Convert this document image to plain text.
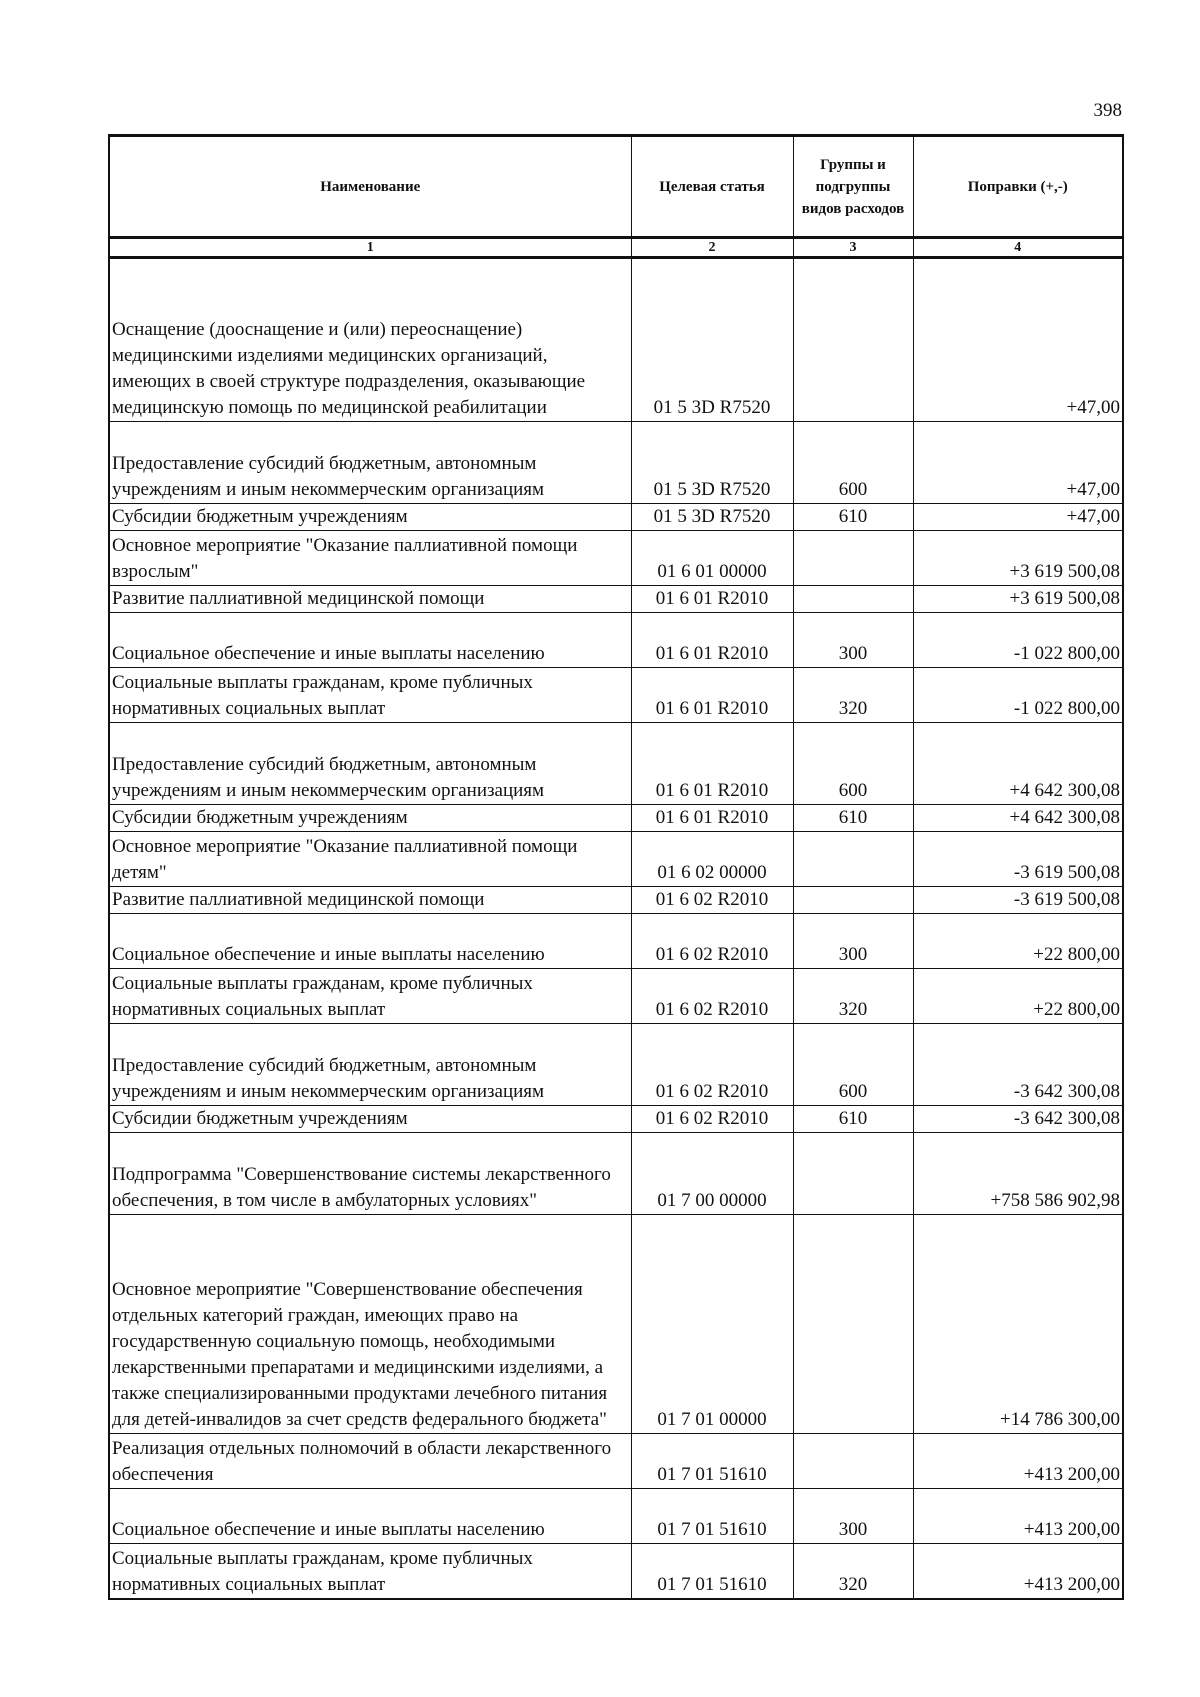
398
Наименование	Целевая статья	Группы и подгруппы видов расходов	Поправки (+,-)
1	2	3	4
Оснащение (дооснащение и (или) переоснащение) медицинскими изделиями медицинских организаций, имеющих в своей структуре подразделения, оказывающие медицинскую помощь по медицинской реабилитации	01 5 3D R7520		+47,00
Предоставление субсидий бюджетным, автономным учреждениям и иным некоммерческим организациям	01 5 3D R7520	600	+47,00
Субсидии бюджетным учреждениям	01 5 3D R7520	610	+47,00
Основное мероприятие "Оказание паллиативной помощи взрослым"	01 6 01 00000		+3 619 500,08
Развитие паллиативной медицинской помощи	01 6 01 R2010		+3 619 500,08
Социальное обеспечение и иные выплаты населению	01 6 01 R2010	300	-1 022 800,00
Социальные выплаты гражданам, кроме публичных нормативных социальных выплат	01 6 01 R2010	320	-1 022 800,00
Предоставление субсидий бюджетным, автономным учреждениям и иным некоммерческим организациям	01 6 01 R2010	600	+4 642 300,08
Субсидии бюджетным учреждениям	01 6 01 R2010	610	+4 642 300,08
Основное мероприятие "Оказание паллиативной помощи детям"	01 6 02 00000		-3 619 500,08
Развитие паллиативной медицинской помощи	01 6 02 R2010		-3 619 500,08
Социальное обеспечение и иные выплаты населению	01 6 02 R2010	300	+22 800,00
Социальные выплаты гражданам, кроме публичных нормативных социальных выплат	01 6 02 R2010	320	+22 800,00
Предоставление субсидий бюджетным, автономным учреждениям и иным некоммерческим организациям	01 6 02 R2010	600	-3 642 300,08
Субсидии бюджетным учреждениям	01 6 02 R2010	610	-3 642 300,08
Подпрограмма "Совершенствование системы лекарственного обеспечения, в том числе в амбулаторных условиях"	01 7 00 00000		+758 586 902,98
Основное мероприятие "Совершенствование обеспечения отдельных категорий граждан, имеющих право на государственную социальную помощь, необходимыми лекарственными препаратами и медицинскими изделиями, а также специализированными продуктами лечебного питания для детей-инвалидов за счет средств федерального бюджета"	01 7 01 00000		+14 786 300,00
Реализация отдельных полномочий в области лекарственного обеспечения	01 7 01 51610		+413 200,00
Социальное обеспечение и иные выплаты населению	01 7 01 51610	300	+413 200,00
Социальные выплаты гражданам, кроме публичных нормативных социальных выплат	01 7 01 51610	320	+413 200,00
